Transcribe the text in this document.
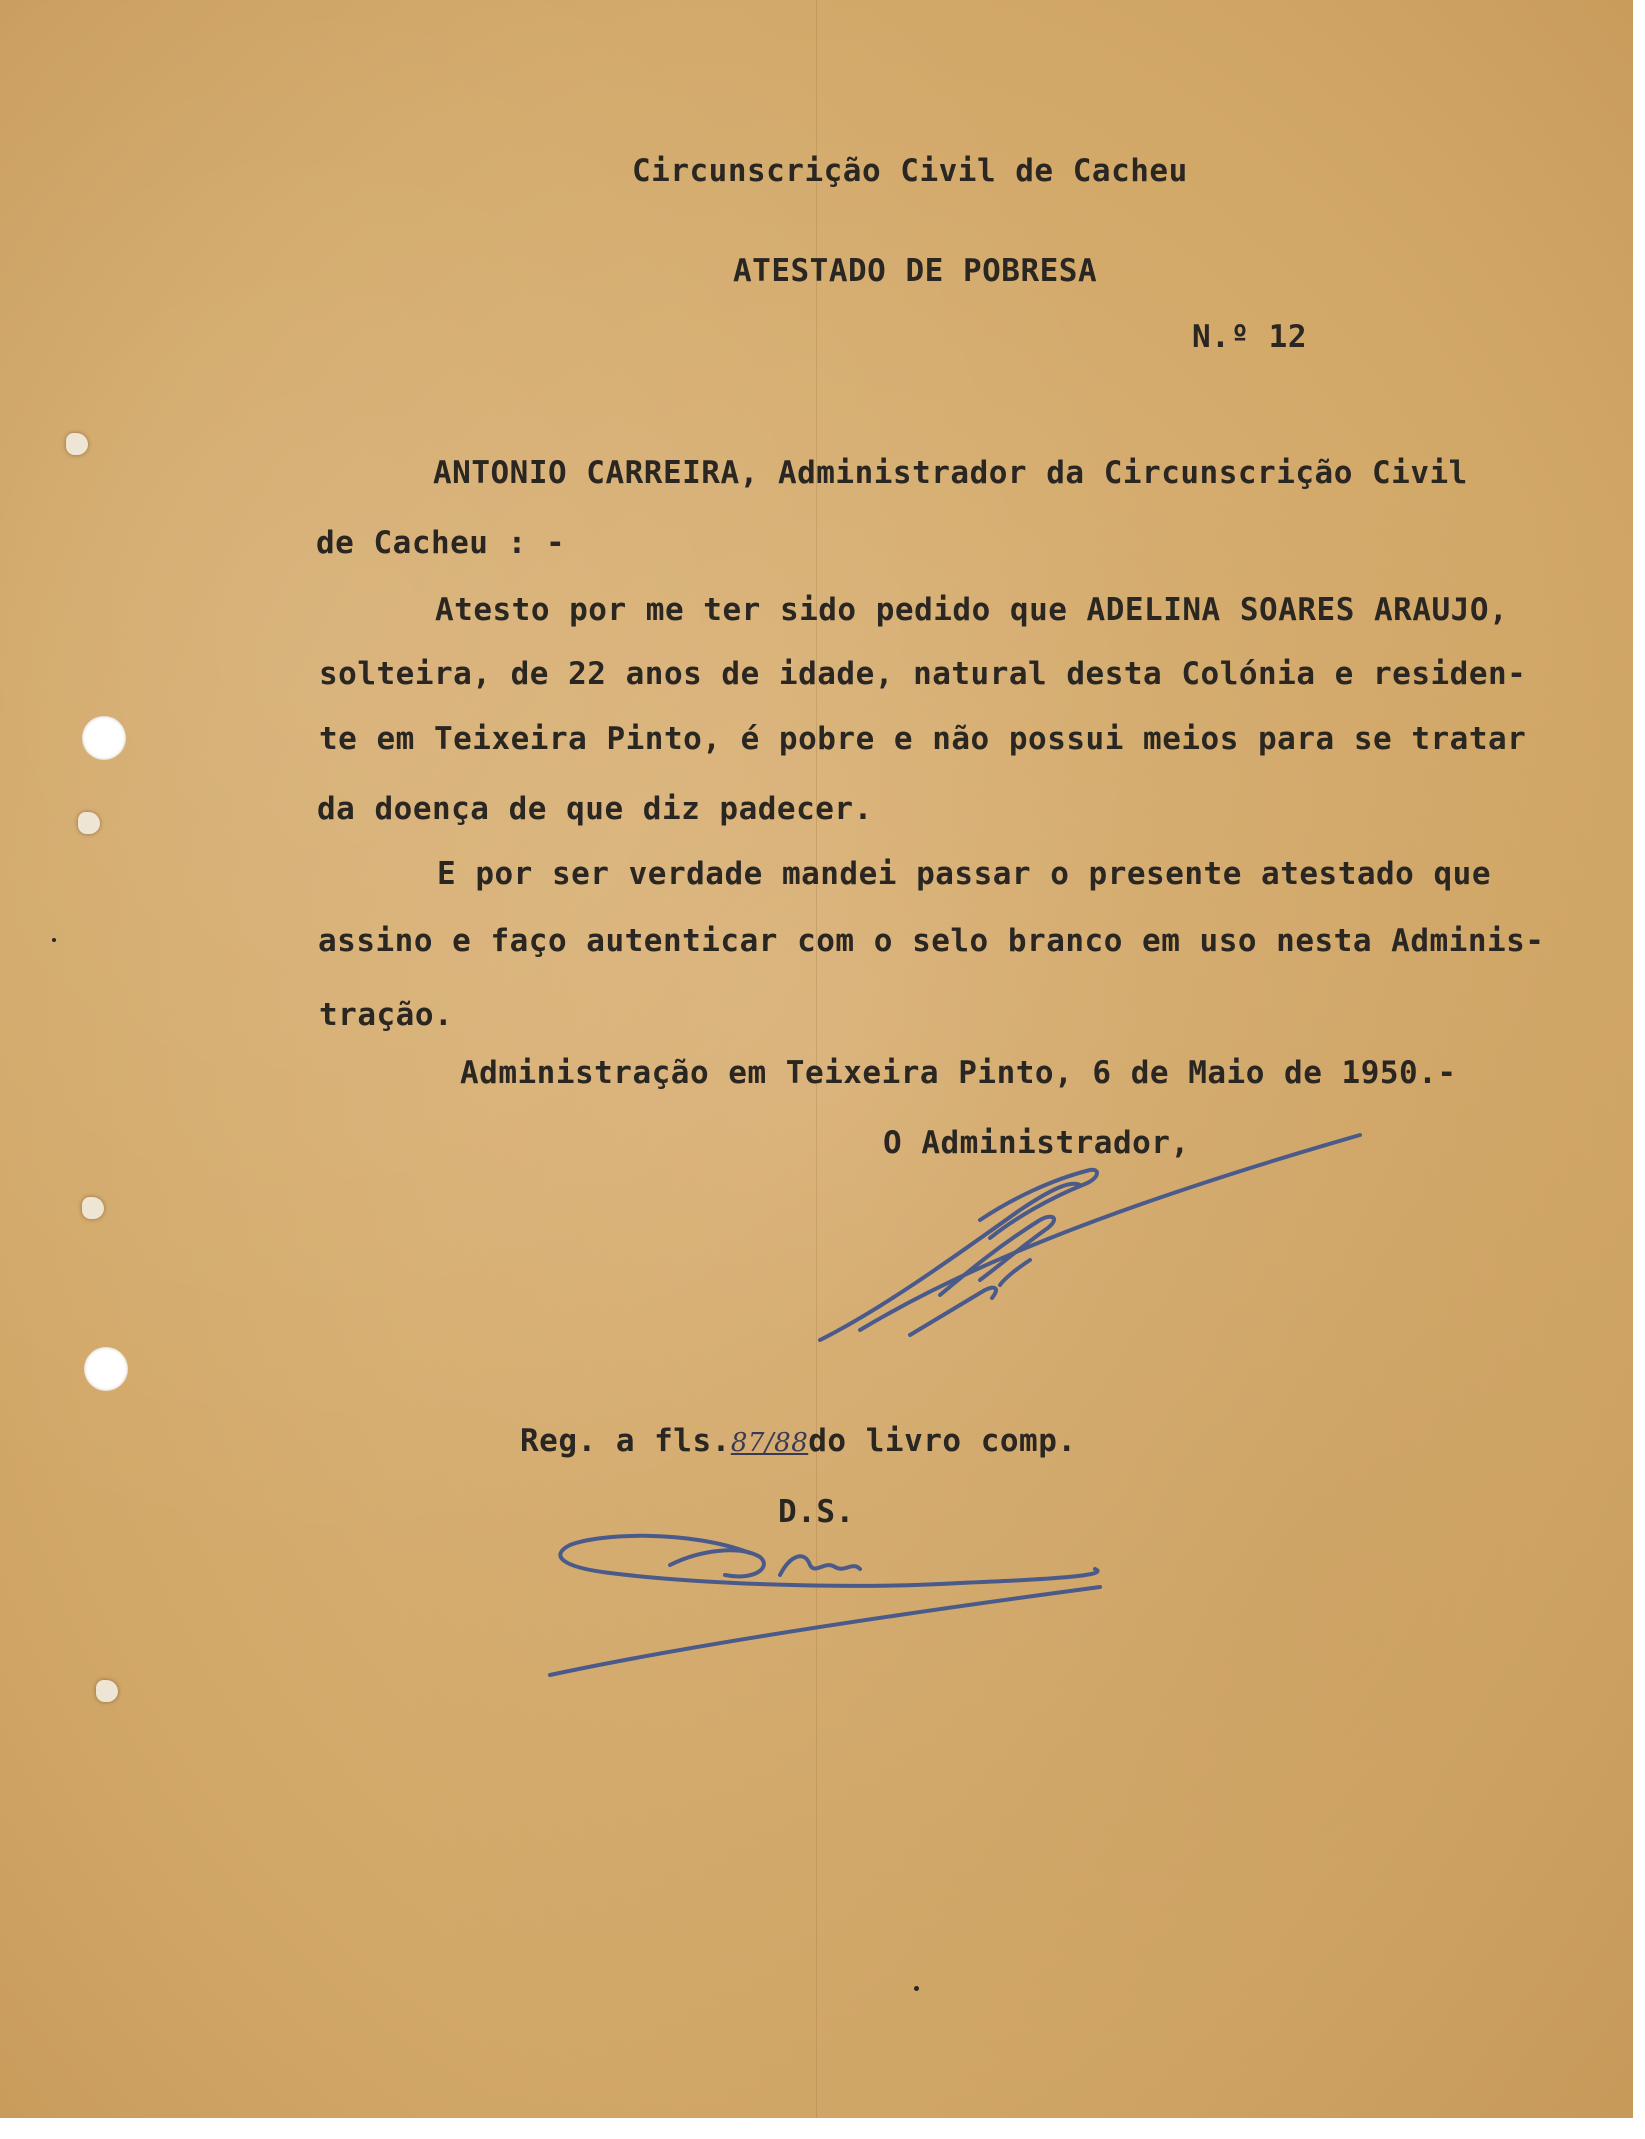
Circunscrição Civil de Cacheu
ATESTADO DE POBRESA
N.º 12
ANTONIO CARREIRA, Administrador da Circunscrição Civil
de Cacheu : -
Atesto por me ter sido pedido que ADELINA SOARES ARAUJO,
solteira, de 22 anos de idade, natural desta Colónia e residen-
te em Teixeira Pinto, é pobre e não possui meios para se tratar
da doença de que diz padecer.
E por ser verdade mandei passar o presente atestado que
assino e faço autenticar com o selo branco em uso nesta Adminis-
tração.
Administração em Teixeira Pinto, 6 de Maio de 1950.-
O Administrador,
Reg. a fls.87/88do livro comp.
D.S.
